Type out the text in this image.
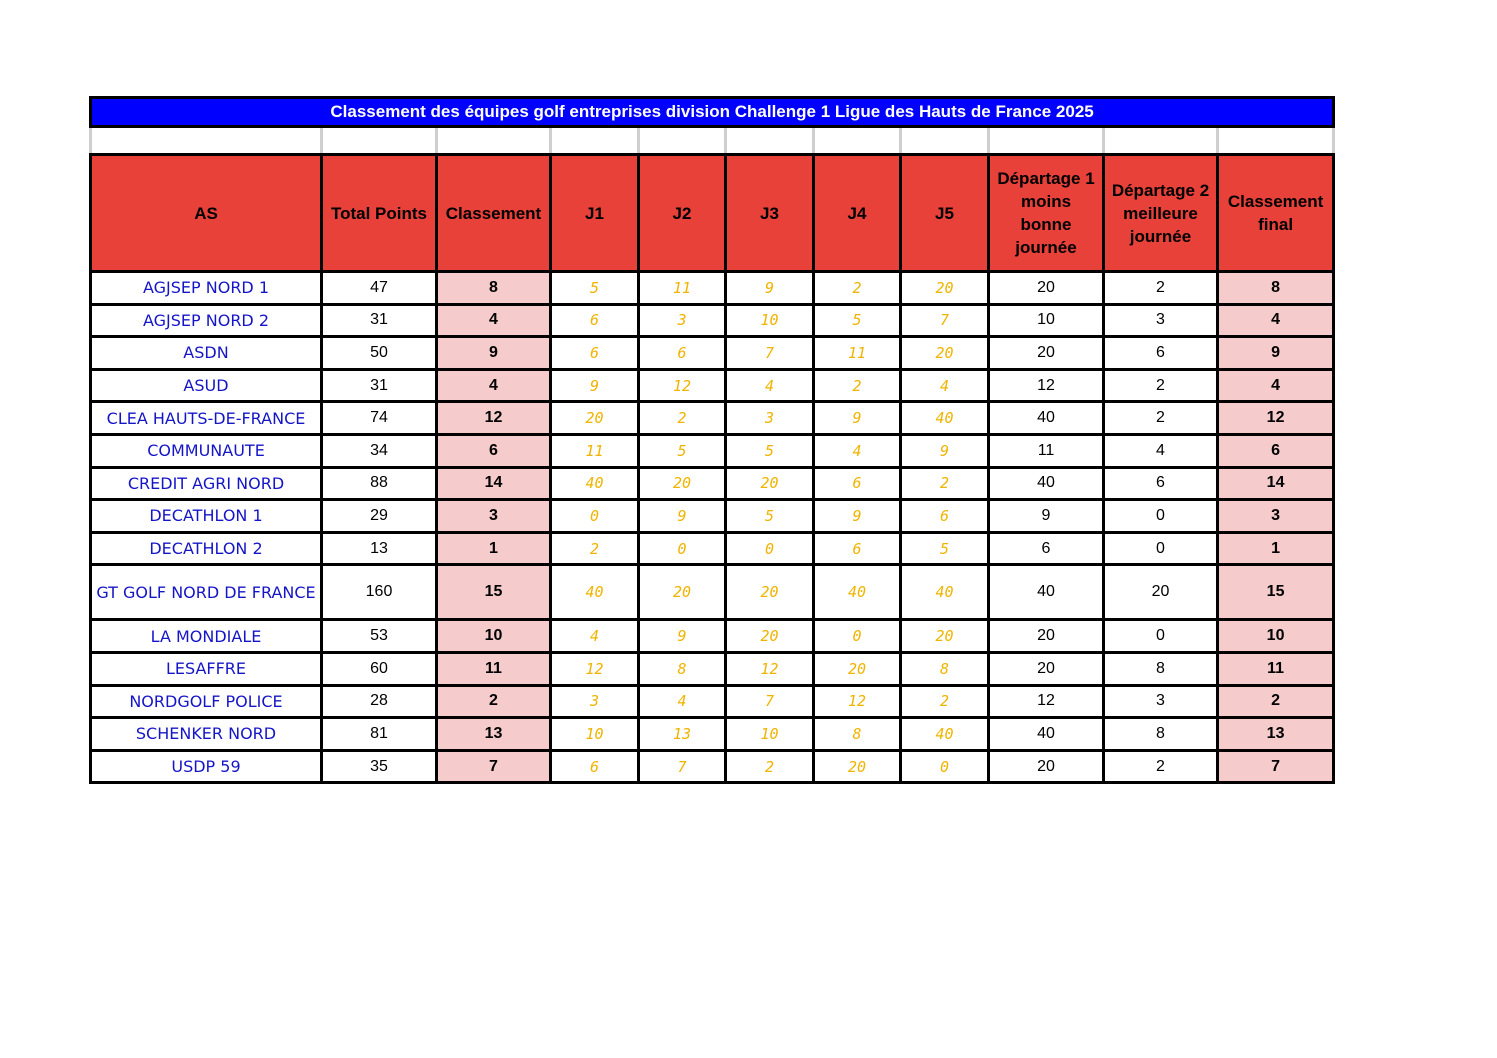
Classement des équipes golf entreprises division Challenge 1 Ligue des Hauts de France 2025										

AS	Total Points	Classement	J1	J2	J3	J4	J5	Départage 1 moins bonne journée	Départage 2 meilleure journée	Classement final
AGJSEP NORD 1	47	8	5	11	9	2	20	20	2	8
AGJSEP NORD 2	31	4	6	3	10	5	7	10	3	4
ASDN	50	9	6	6	7	11	20	20	6	9
ASUD	31	4	9	12	4	2	4	12	2	4
CLEA HAUTS-DE-FRANCE	74	12	20	2	3	9	40	40	2	12
COMMUNAUTE	34	6	11	5	5	4	9	11	4	6
CREDIT AGRI NORD	88	14	40	20	20	6	2	40	6	14
DECATHLON 1	29	3	0	9	5	9	6	9	0	3
DECATHLON 2	13	1	2	0	0	6	5	6	0	1
GT GOLF NORD DE FRANCE	160	15	40	20	20	40	40	40	20	15
LA MONDIALE	53	10	4	9	20	0	20	20	0	10
LESAFFRE	60	11	12	8	12	20	8	20	8	11
NORDGOLF POLICE	28	2	3	4	7	12	2	12	3	2
SCHENKER NORD	81	13	10	13	10	8	40	40	8	13
USDP 59	35	7	6	7	2	20	0	20	2	7
